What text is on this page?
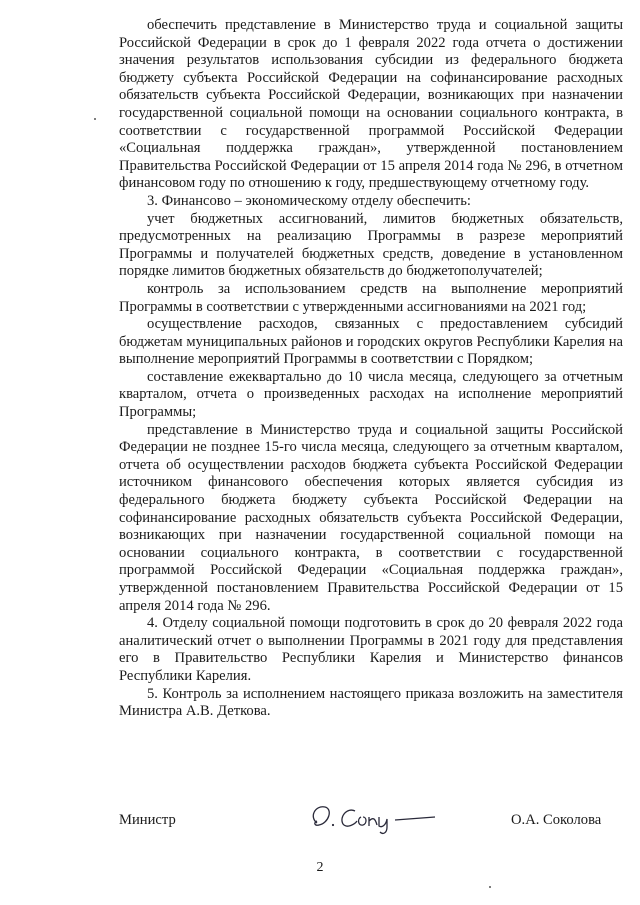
обеспечить представление в Министерство труда и социальной защиты Российской Федерации в срок до 1 февраля 2022 года отчета о достижении значения результатов использования субсидии из федерального бюджета бюджету субъекта Российской Федерации на софинансирование расходных обязательств субъекта Российской Федерации, возникающих при назначении государственной социальной помощи на основании социального контракта, в соответствии с государственной программой Российской Федерации «Социальная поддержка граждан», утвержденной постановлением Правительства Российской Федерации от 15 апреля 2014 года № 296, в отчетном финансовом году по отношению к году, предшествующему отчетному году.

3. Финансово – экономическому отделу обеспечить:

учет бюджетных ассигнований, лимитов бюджетных обязательств, предусмотренных на реализацию Программы в разрезе мероприятий Программы и получателей бюджетных средств, доведение в установленном порядке лимитов бюджетных обязательств до бюджетополучателей;

контроль за использованием средств на выполнение мероприятий Программы в соответствии с утвержденными ассигнованиями на 2021 год;

осуществление расходов, связанных с предоставлением субсидий бюджетам муниципальных районов и городских округов Республики Карелия на выполнение мероприятий Программы в соответствии с Порядком;

составление ежеквартально до 10 числа месяца, следующего за отчетным кварталом, отчета о произведенных расходах на исполнение мероприятий Программы;

представление в Министерство труда и социальной защиты Российской Федерации не позднее 15-го числа месяца, следующего за отчетным кварталом, отчета об осуществлении расходов бюджета субъекта Российской Федерации источником финансового обеспечения которых является субсидия из федерального бюджета бюджету субъекта Российской Федерации на софинансирование расходных обязательств субъекта Российской Федерации, возникающих при назначении государственной социальной помощи на основании социального контракта, в соответствии с государственной программой Российской Федерации «Социальная поддержка граждан», утвержденной постановлением Правительства Российской Федерации от 15 апреля 2014 года № 296.

4. Отделу социальной помощи подготовить в срок до 20 февраля 2022 года аналитический отчет о выполнении Программы в 2021 году для представления его в Правительство Республики Карелия и Министерство финансов Республики Карелия.

5. Контроль за исполнением настоящего приказа возложить на заместителя Министра А.В. Деткова.

Министр	О.А. Соколова
2
